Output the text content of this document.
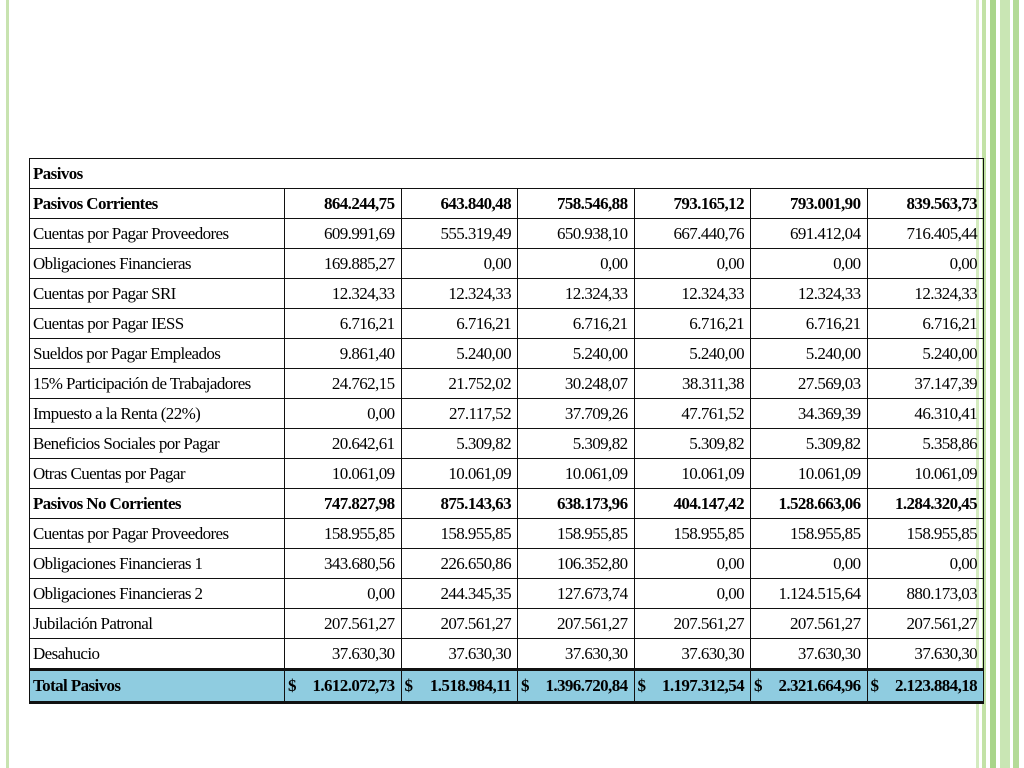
Pasivos						
Pasivos Corrientes	864.244,75	643.840,48	758.546,88	793.165,12	793.001,90	839.563,73
Cuentas por Pagar Proveedores	609.991,69	555.319,49	650.938,10	667.440,76	691.412,04	716.405,44
Obligaciones Financieras	169.885,27	0,00	0,00	0,00	0,00	0,00
Cuentas por Pagar SRI	12.324,33	12.324,33	12.324,33	12.324,33	12.324,33	12.324,33
Cuentas por Pagar IESS	6.716,21	6.716,21	6.716,21	6.716,21	6.716,21	6.716,21
Sueldos por Pagar Empleados	9.861,40	5.240,00	5.240,00	5.240,00	5.240,00	5.240,00
15% Participación de Trabajadores	24.762,15	21.752,02	30.248,07	38.311,38	27.569,03	37.147,39
Impuesto a la Renta (22%)	0,00	27.117,52	37.709,26	47.761,52	34.369,39	46.310,41
Beneficios Sociales por Pagar	20.642,61	5.309,82	5.309,82	5.309,82	5.309,82	5.358,86
Otras Cuentas por Pagar	10.061,09	10.061,09	10.061,09	10.061,09	10.061,09	10.061,09
Pasivos No Corrientes	747.827,98	875.143,63	638.173,96	404.147,42	1.528.663,06	1.284.320,45
Cuentas por Pagar Proveedores	158.955,85	158.955,85	158.955,85	158.955,85	158.955,85	158.955,85
Obligaciones Financieras 1	343.680,56	226.650,86	106.352,80	0,00	0,00	0,00
Obligaciones Financieras 2	0,00	244.345,35	127.673,74	0,00	1.124.515,64	880.173,03
Jubilación Patronal	207.561,27	207.561,27	207.561,27	207.561,27	207.561,27	207.561,27
Desahucio	37.630,30	37.630,30	37.630,30	37.630,30	37.630,30	37.630,30
Total Pasivos	$ 1.612.072,73	$ 1.518.984,11	$ 1.396.720,84	$ 1.197.312,54	$ 2.321.664,96	$ 2.123.884,18
